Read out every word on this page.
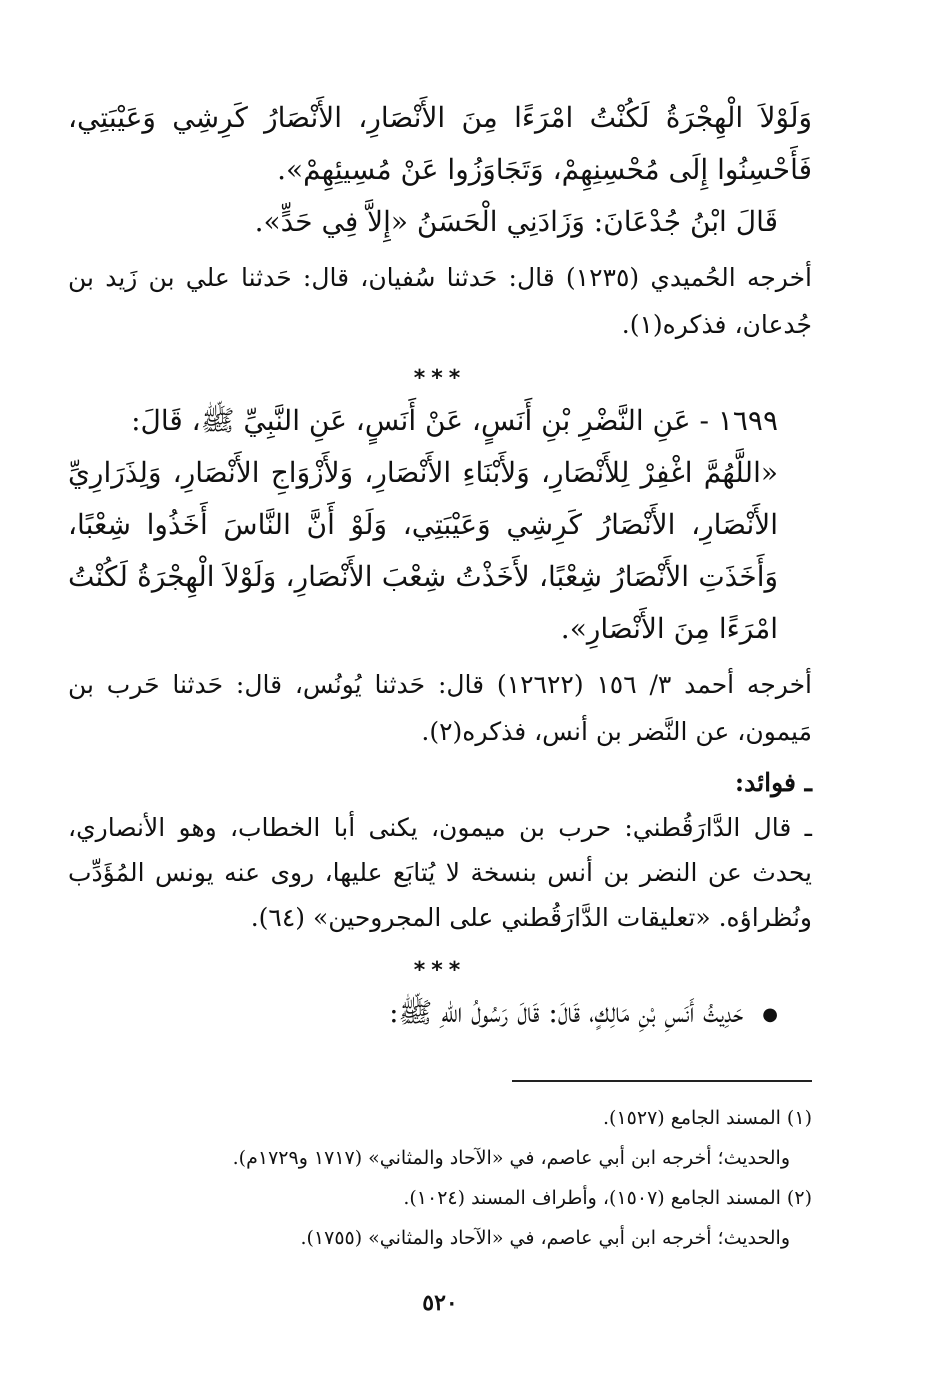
وَلَوْلاَ الْهِجْرَةُ لَكُنْتُ امْرَءًا مِنَ الأَنْصَارِ، الأَنْصَارُ كَرِشِي وَعَيْبَتِي، فَأَحْسِنُوا إِلَى مُحْسِنِهِمْ، وَتَجَاوَزُوا عَنْ مُسِيئِهِمْ».

قَالَ ابْنُ جُدْعَانَ: وَزَادَنِي الْحَسَنُ «إِلاَّ فِي حَدٍّ».

أخرجه الحُميدي (١٢٣٥) قال: حَدثنا سُفيان، قال: حَدثنا علي بن زَيد بن جُدعان، فذكره(١).

***

١٦٩٩ - عَنِ النَّضْرِ بْنِ أَنَسٍ، عَنْ أَنَسٍ، عَنِ النَّبِيِّ ﷺ، قَالَ:

«اللَّهُمَّ اغْفِرْ لِلأَنْصَارِ، وَلأَبْنَاءِ الأَنْصَارِ، وَلأَزْوَاجِ الأَنْصَارِ، وَلِذَرَارِيِّ الأَنْصَارِ، الأَنْصَارُ كَرِشِي وَعَيْبَتِي، وَلَوْ أَنَّ النَّاسَ أَخَذُوا شِعْبًا، وَأَخَذَتِ الأَنْصَارُ شِعْبًا، لأَخَذْتُ شِعْبَ الأَنْصَارِ، وَلَوْلاَ الْهِجْرَةُ لَكُنْتُ امْرَءًا مِنَ الأَنْصَارِ».

أخرجه أحمد ٣/ ١٥٦ (١٢٦٢٢) قال: حَدثنا يُونُس، قال: حَدثنا حَرب بن مَيمون، عن النَّضر بن أنس، فذكره(٢).

ـ فوائد:

ـ قال الدَّارَقُطني: حرب بن ميمون، يكنى أبا الخطاب، وهو الأنصاري، يحدث عن النضر بن أنس بنسخة لا يُتابَع عليها، روى عنه يونس المُؤَدِّب ونُظراؤه. «تعليقات الدَّارَقُطني على المجروحين» (٦٤).

***

● حَدِيثُ أَنَسِ بْنِ مَالِكٍ، قَالَ: قَالَ رَسُولُ اللهِ ﷺ:

(١) المسند الجامع (١٥٢٧).

والحديث؛ أخرجه ابن أبي عاصم، في «الآحاد والمثاني» (١٧١٧ و١٧٢٩م).

(٢) المسند الجامع (١٥٠٧)، وأطراف المسند (١٠٢٤).

والحديث؛ أخرجه ابن أبي عاصم، في «الآحاد والمثاني» (١٧٥٥).

٥٢٠
